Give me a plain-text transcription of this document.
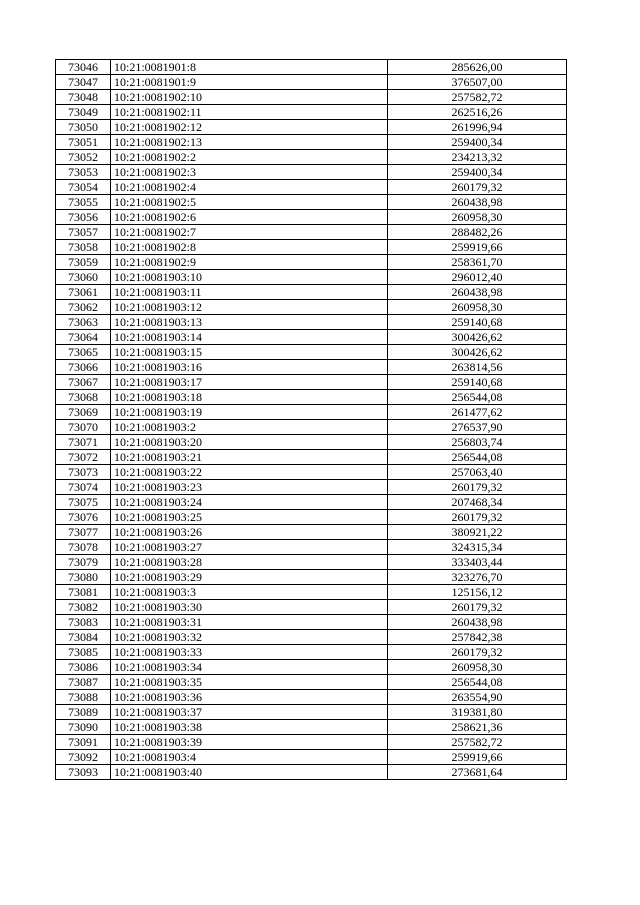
73046	10:21:0081901:8	285626,00
73047	10:21:0081901:9	376507,00
73048	10:21:0081902:10	257582,72
73049	10:21:0081902:11	262516,26
73050	10:21:0081902:12	261996,94
73051	10:21:0081902:13	259400,34
73052	10:21:0081902:2	234213,32
73053	10:21:0081902:3	259400,34
73054	10:21:0081902:4	260179,32
73055	10:21:0081902:5	260438,98
73056	10:21:0081902:6	260958,30
73057	10:21:0081902:7	288482,26
73058	10:21:0081902:8	259919,66
73059	10:21:0081902:9	258361,70
73060	10:21:0081903:10	296012,40
73061	10:21:0081903:11	260438,98
73062	10:21:0081903:12	260958,30
73063	10:21:0081903:13	259140,68
73064	10:21:0081903:14	300426,62
73065	10:21:0081903:15	300426,62
73066	10:21:0081903:16	263814,56
73067	10:21:0081903:17	259140,68
73068	10:21:0081903:18	256544,08
73069	10:21:0081903:19	261477,62
73070	10:21:0081903:2	276537,90
73071	10:21:0081903:20	256803,74
73072	10:21:0081903:21	256544,08
73073	10:21:0081903:22	257063,40
73074	10:21:0081903:23	260179,32
73075	10:21:0081903:24	207468,34
73076	10:21:0081903:25	260179,32
73077	10:21:0081903:26	380921,22
73078	10:21:0081903:27	324315,34
73079	10:21:0081903:28	333403,44
73080	10:21:0081903:29	323276,70
73081	10:21:0081903:3	125156,12
73082	10:21:0081903:30	260179,32
73083	10:21:0081903:31	260438,98
73084	10:21:0081903:32	257842,38
73085	10:21:0081903:33	260179,32
73086	10:21:0081903:34	260958,30
73087	10:21:0081903:35	256544,08
73088	10:21:0081903:36	263554,90
73089	10:21:0081903:37	319381,80
73090	10:21:0081903:38	258621,36
73091	10:21:0081903:39	257582,72
73092	10:21:0081903:4	259919,66
73093	10:21:0081903:40	273681,64
